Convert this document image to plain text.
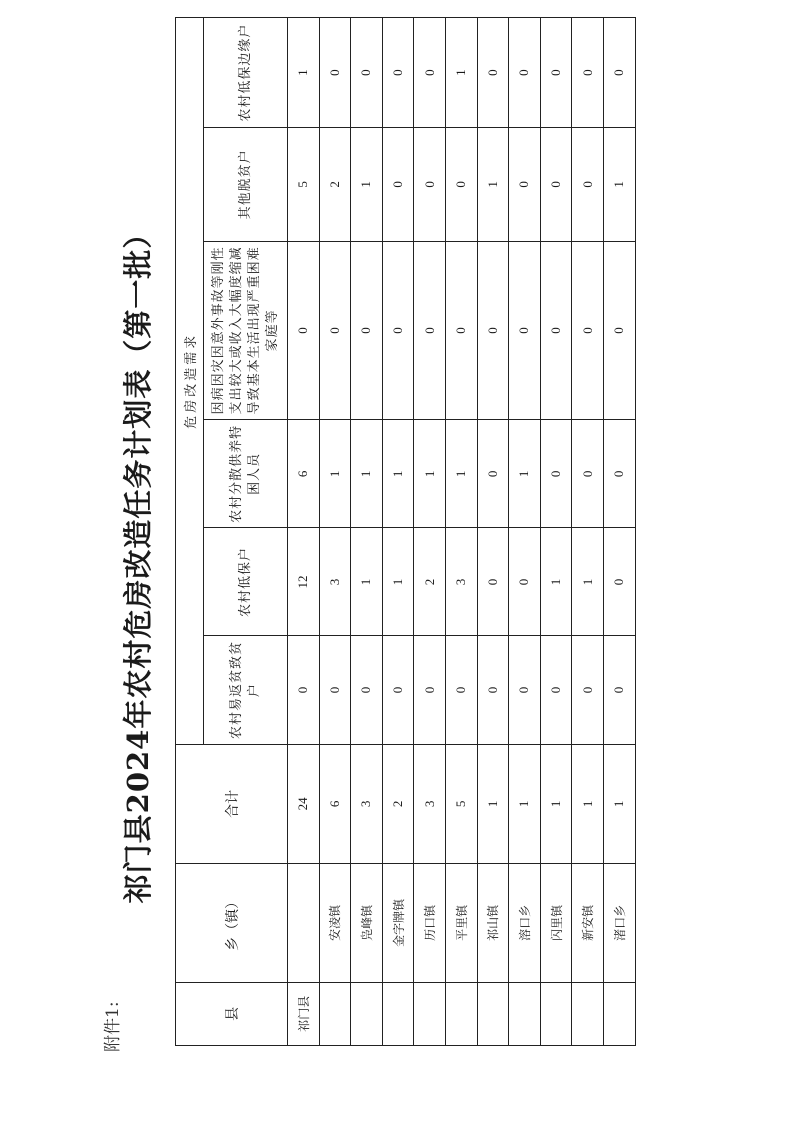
附件1:
祁门县2024年农村危房改造任务计划表（第一批）
县	乡（镇）	合计	危房改造需求					
			农村易返贫致贫户	农村低保户	农村分散供养特困人员	因病因灾因意外事故等刚性支出较大或收入大幅度缩减导致基本生活出现严重困难家庭等	其他脱贫户	农村低保边缘户
祁门县		24	0	12	6	0	5	1
	安凌镇	6	0	3	1	0	2	0
	凫峰镇	3	0	1	1	0	1	0
	金字牌镇	2	0	1	1	0	0	0
	历口镇	3	0	2	1	0	0	0
	平里镇	5	0	3	1	0	0	1
	祁山镇	1	0	0	0	0	1	0
	溶口乡	1	0	0	1	0	0	0
	闪里镇	1	0	1	0	0	0	0
	新安镇	1	0	1	0	0	0	0
	渚口乡	1	0	0	0	0	1	0
